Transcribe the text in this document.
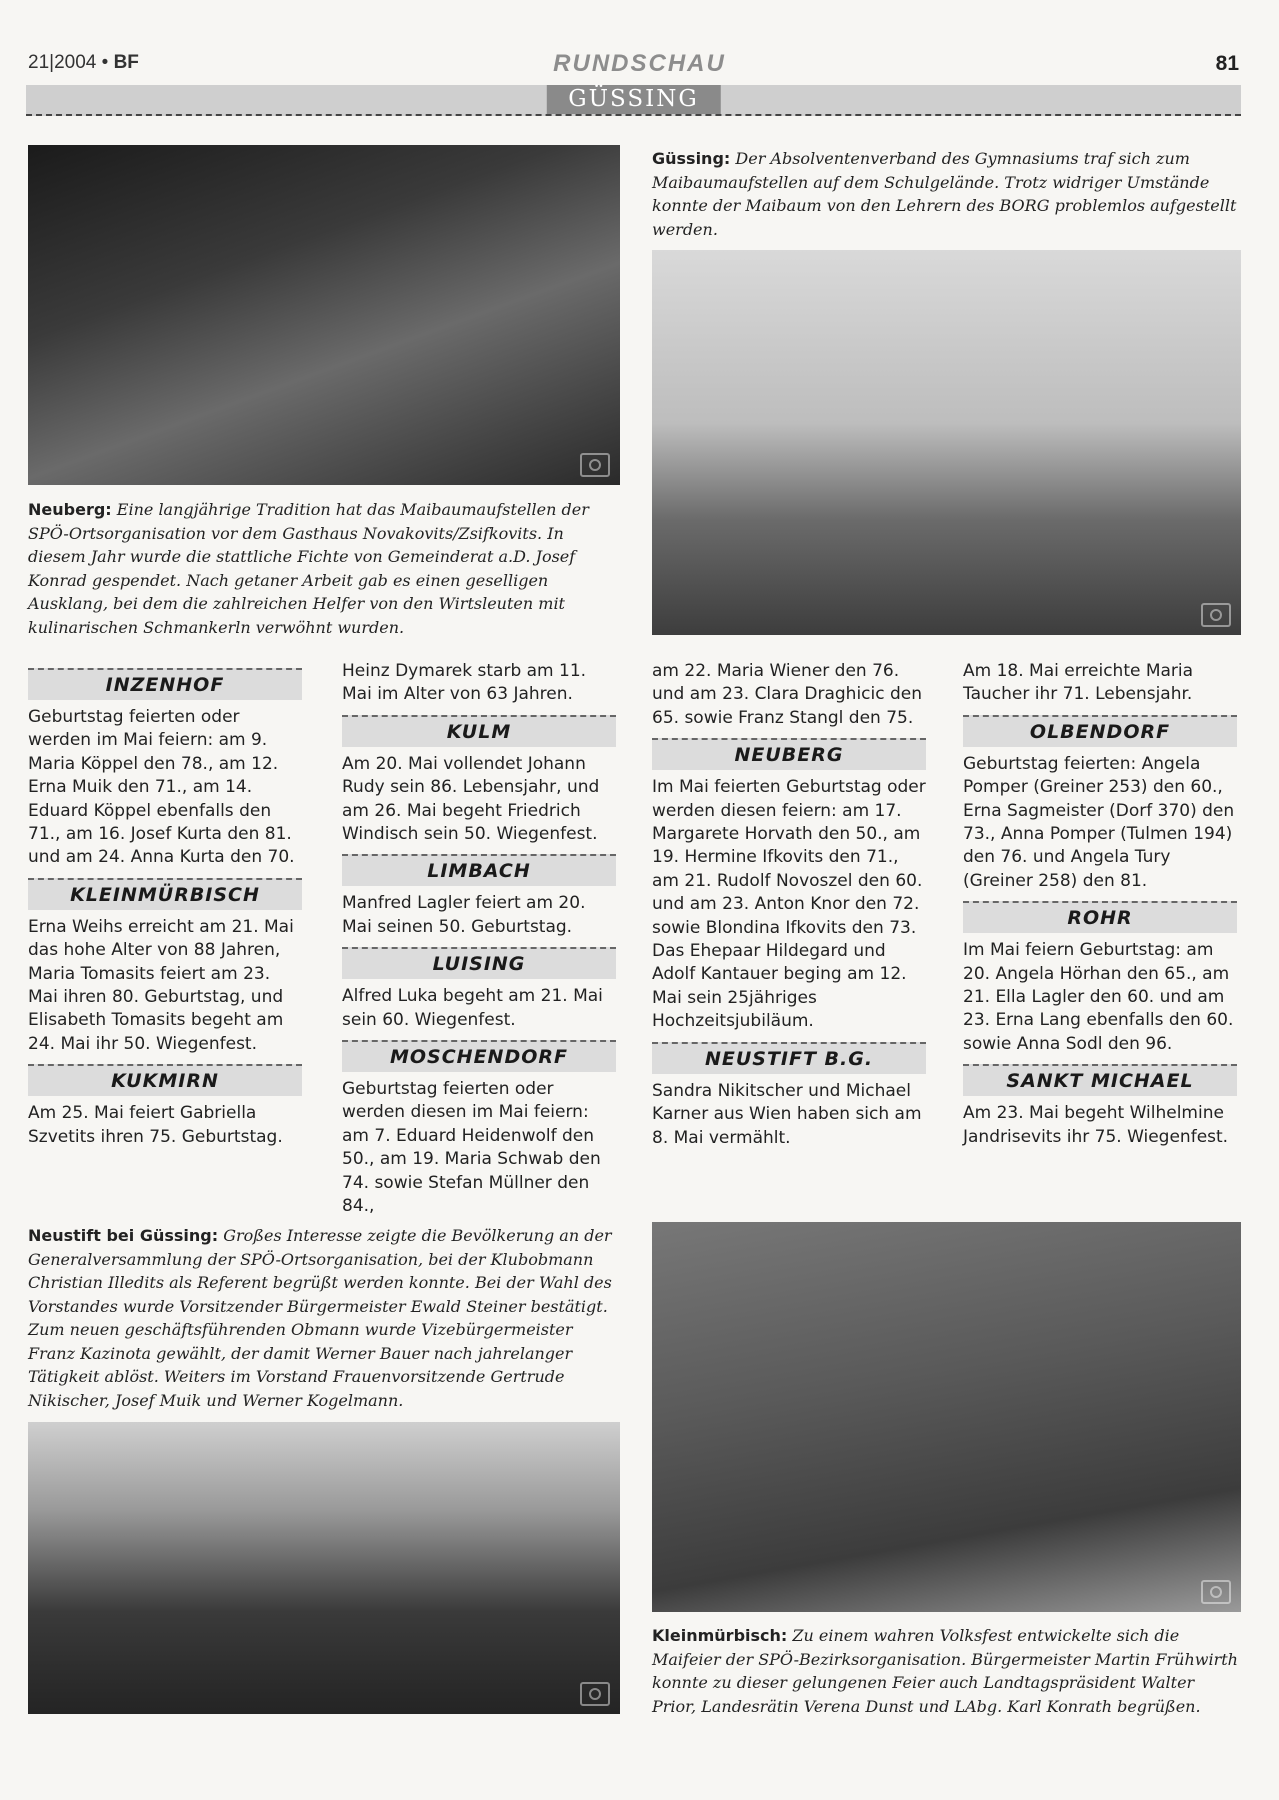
21|2004 • BF	RUNDSCHAU	81
GÜSSING
Güssing: Der Absolventenverband des Gymnasiums traf sich zum Maibaumaufstellen auf dem Schulgelände. Trotz widriger Umstände konnte der Maibaum von den Lehrern des BORG problemlos aufgestellt werden.
Neuberg: Eine langjährige Tradition hat das Maibaumaufstellen der SPÖ-Ortsorganisation vor dem Gasthaus Novakovits/Zsifkovits. In diesem Jahr wurde die stattliche Fichte von Gemeinderat a.D. Josef Konrad gespendet. Nach getaner Arbeit gab es einen geselligen Ausklang, bei dem die zahlreichen Helfer von den Wirtsleuten mit kulinarischen Schmankerln verwöhnt wurden.
Neustift bei Güssing: Großes Interesse zeigte die Bevölkerung an der Generalversammlung der SPÖ-Ortsorganisation, bei der Klubobmann Christian Illedits als Referent begrüßt werden konnte. Bei der Wahl des Vorstandes wurde Vorsitzender Bürgermeister Ewald Steiner bestätigt. Zum neuen geschäftsführenden Obmann wurde Vizebürgermeister Franz Kazinota gewählt, der damit Werner Bauer nach jahrelanger Tätigkeit ablöst. Weiters im Vorstand Frauenvorsitzende Gertrude Nikischer, Josef Muik und Werner Kogelmann.
Kleinmürbisch: Zu einem wahren Volksfest entwickelte sich die Maifeier der SPÖ-Bezirksorganisation. Bürgermeister Martin Frühwirth konnte zu dieser gelungenen Feier auch Landtagspräsident Walter Prior, Landesrätin Verena Dunst und LAbg. Karl Konrath begrüßen.
INZENHOF

Geburtstag feierten oder werden im Mai feiern: am 9. Maria Köppel den 78., am 12. Erna Muik den 71., am 14. Eduard Köppel ebenfalls den 71., am 16. Josef Kurta den 81. und am 24. Anna Kurta den 70.

KLEINMÜRBISCH

Erna Weihs erreicht am 21. Mai das hohe Alter von 88 Jahren, Maria Tomasits feiert am 23. Mai ihren 80. Geburtstag, und Elisabeth Tomasits begeht am 24. Mai ihr 50. Wiegenfest.

KUKMIRN

Am 25. Mai feiert Gabriella Szvetits ihren 75. Geburtstag.

Heinz Dymarek starb am 11. Mai im Alter von 63 Jahren.

KULM

Am 20. Mai vollendet Johann Rudy sein 86. Lebensjahr, und am 26. Mai begeht Friedrich Windisch sein 50. Wiegenfest.

LIMBACH

Manfred Lagler feiert am 20. Mai seinen 50. Geburtstag.

LUISING

Alfred Luka begeht am 21. Mai sein 60. Wiegenfest.

MOSCHENDORF

Geburtstag feierten oder werden diesen im Mai feiern: am 7. Eduard Heidenwolf den 50., am 19. Maria Schwab den 74. sowie Stefan Müllner den 84.,

am 22. Maria Wiener den 76. und am 23. Clara Draghicic den 65. sowie Franz Stangl den 75.

NEUBERG

Im Mai feierten Geburtstag oder werden diesen feiern: am 17. Margarete Horvath den 50., am 19. Hermine Ifkovits den 71., am 21. Rudolf Novoszel den 60. und am 23. Anton Knor den 72. sowie Blondina Ifkovits den 73.

Das Ehepaar Hildegard und Adolf Kantauer beging am 12. Mai sein 25jähriges Hochzeitsjubiläum.

NEUSTIFT B.G.

Sandra Nikitscher und Michael Karner aus Wien haben sich am 8. Mai vermählt.

Am 18. Mai erreichte Maria Taucher ihr 71. Lebensjahr.

OLBENDORF

Geburtstag feierten: Angela Pomper (Greiner 253) den 60., Erna Sagmeister (Dorf 370) den 73., Anna Pomper (Tulmen 194) den 76. und Angela Tury (Greiner 258) den 81.

ROHR

Im Mai feiern Geburtstag: am 20. Angela Hörhan den 65., am 21. Ella Lagler den 60. und am 23. Erna Lang ebenfalls den 60. sowie Anna Sodl den 96.

SANKT MICHAEL

Am 23. Mai begeht Wilhelmine Jandrisevits ihr 75. Wiegenfest.
